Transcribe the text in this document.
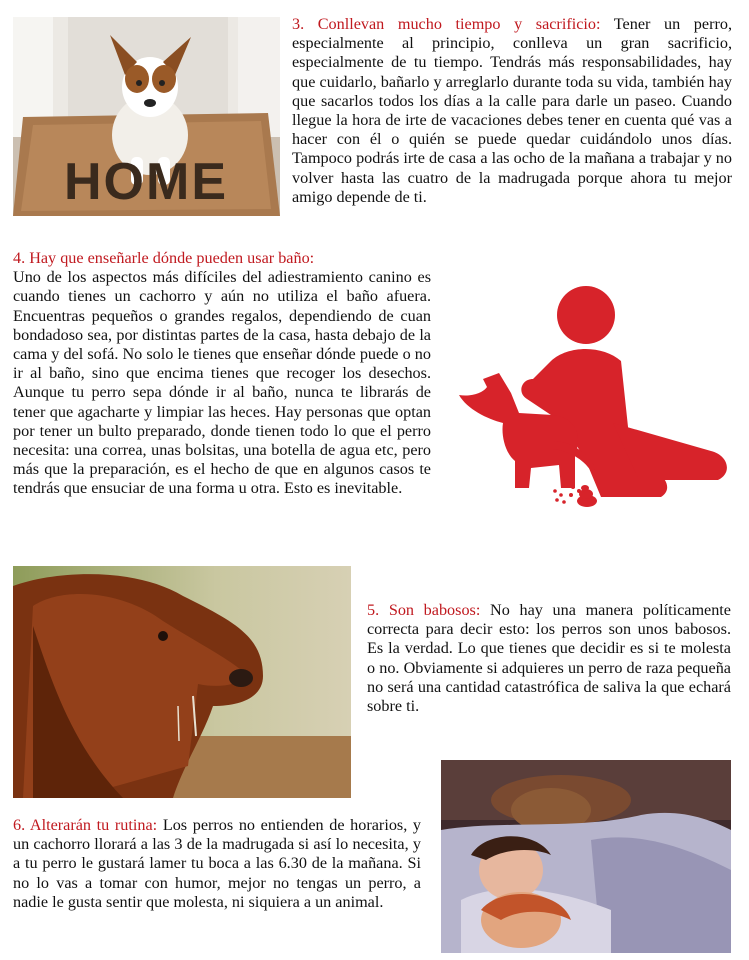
HOME
3. Conllevan mucho tiempo y sacrificio: Tener un perro, especialmente al principio, conlleva un gran sacrificio, especialmente de tu tiempo. Tendrás más responsabilidades, hay que cuidarlo, bañarlo y arreglarlo durante toda su vida, también hay que sacarlos todos los días a la calle para darle un paseo. Cuando llegue la hora de irte de vacaciones debes tener en cuenta qué vas a hacer con él o quién se puede quedar cuidándolo unos días. Tampoco podrás irte de casa a las ocho de la mañana a trabajar y no volver hasta las cuatro de la madrugada porque ahora tu mejor amigo depende de ti.
4. Hay que enseñarle dónde pueden usar baño:
Uno de los aspectos más difíciles del adiestramiento canino es cuando tienes un cachorro y aún no utiliza el baño afuera. Encuentras pequeños o grandes regalos, dependiendo de cuan bondadoso sea, por distintas partes de la casa, hasta debajo de la cama y del sofá. No solo le tienes que enseñar dónde puede o no ir al baño, sino que encima tienes que recoger los desechos. Aunque tu perro sepa dónde ir al baño, nunca te librarás de tener que agacharte y limpiar las heces. Hay personas que optan por tener un bulto preparado, donde tienen todo lo que el perro necesita: una correa, unas bolsitas, una botella de agua etc, pero más que la preparación, es el hecho de que en algunos casos te tendrás que ensuciar de una forma u otra. Esto es inevitable.
5. Son babosos: No hay una manera políticamente correcta para decir esto: los perros son unos babosos. Es la verdad. Lo que tienes que decidir es si te molesta o no. Obviamente si adquieres un perro de raza pequeña no será una cantidad catastrófica de saliva la que echará sobre ti.
6. Alterarán tu rutina: Los perros no entienden de horarios, y un cachorro llorará a las 3 de la madrugada si así lo necesita, y a tu perro le gustará lamer tu boca a las 6.30 de la mañana. Si no lo vas a tomar con humor, mejor no tengas un perro, a nadie le gusta sentir que molesta, ni siquiera a un animal.
